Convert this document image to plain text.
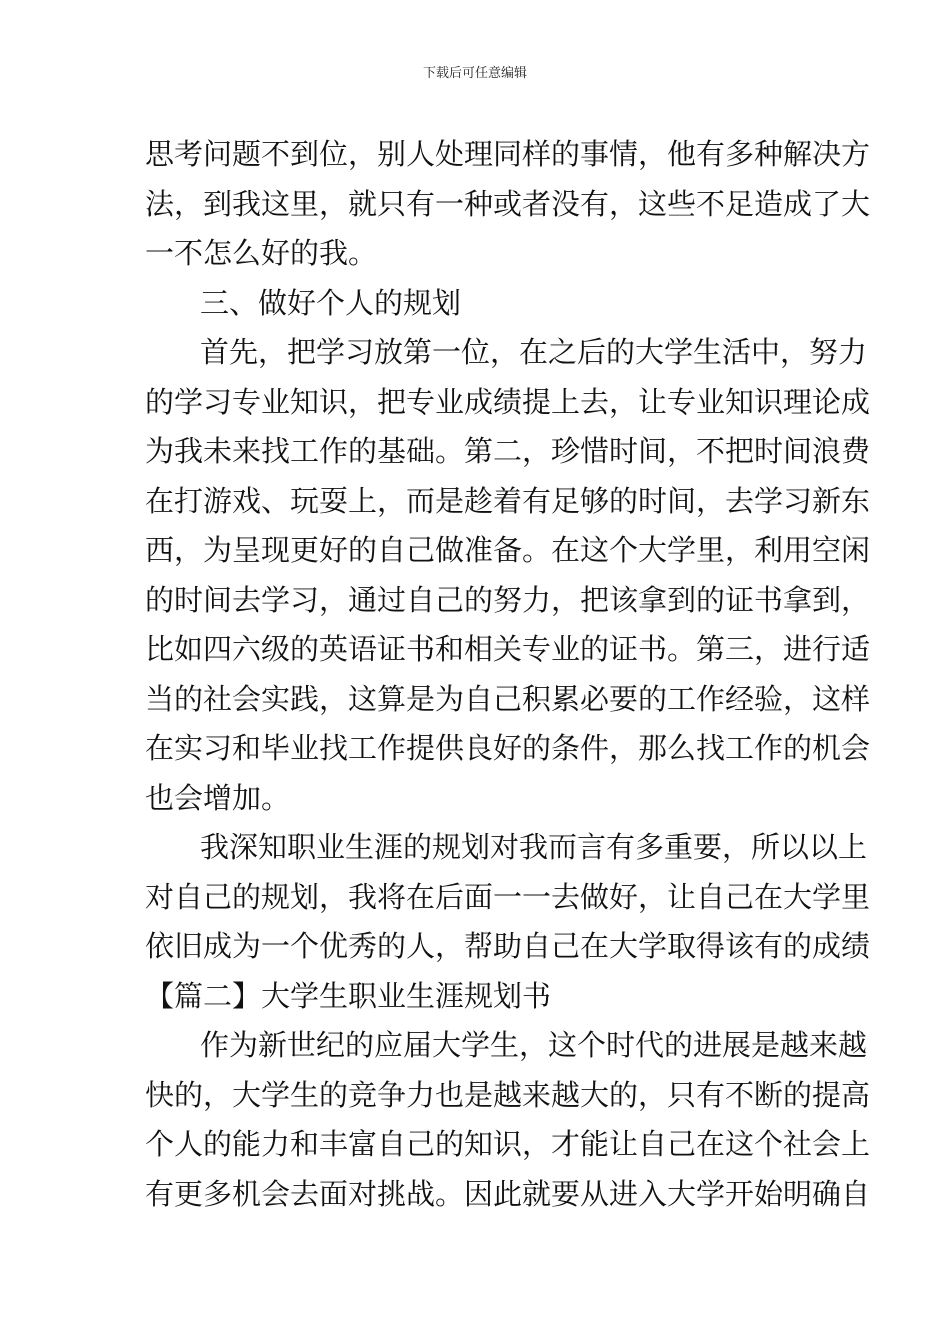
下载后可任意编辑
思考问题不到位，别人处理同样的事情，他有多种解决方
法，到我这里，就只有一种或者没有，这些不足造成了大
一不怎么好的我。
三、做好个人的规划
首先，把学习放第一位，在之后的大学生活中，努力
的学习专业知识，把专业成绩提上去，让专业知识理论成
为我未来找工作的基础。第二，珍惜时间，不把时间浪费
在打游戏、玩耍上，而是趁着有足够的时间，去学习新东
西，为呈现更好的自己做准备。在这个大学里，利用空闲
的时间去学习，通过自己的努力，把该拿到的证书拿到，
比如四六级的英语证书和相关专业的证书。第三，进行适
当的社会实践，这算是为自己积累必要的工作经验，这样
在实习和毕业找工作提供良好的条件，那么找工作的机会
也会增加。
我深知职业生涯的规划对我而言有多重要，所以以上
对自己的规划，我将在后面一一去做好，让自己在大学里
依旧成为一个优秀的人，帮助自己在大学取得该有的成绩
【篇二】大学生职业生涯规划书
作为新世纪的应届大学生，这个时代的进展是越来越
快的，大学生的竞争力也是越来越大的，只有不断的提高
个人的能力和丰富自己的知识，才能让自己在这个社会上
有更多机会去面对挑战。因此就要从进入大学开始明确自
